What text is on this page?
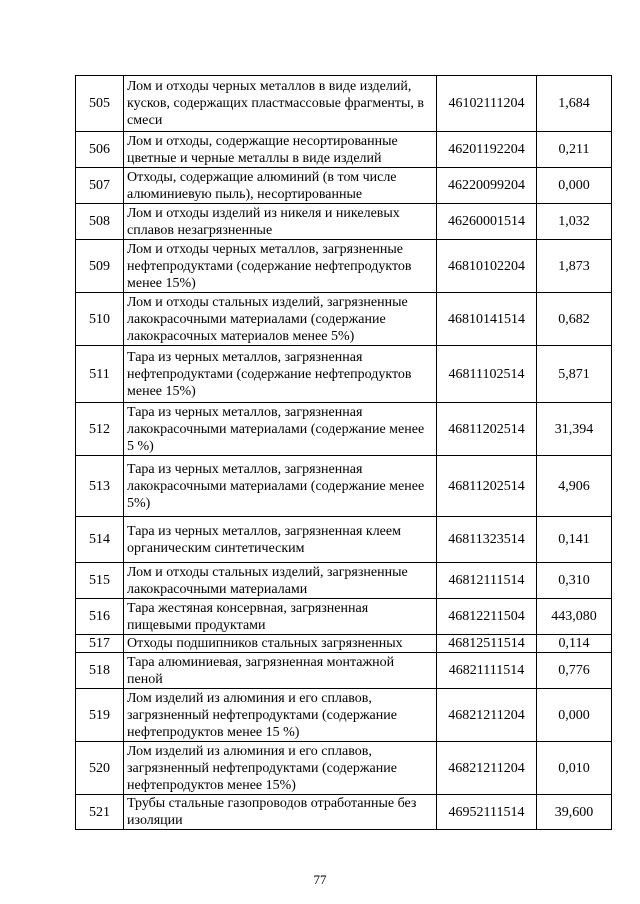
505	Лом и отходы черных металлов в виде изделий, кусков, содержащих пластмассовые фрагменты, в смеси	46102111204	1,684
506	Лом и отходы, содержащие несортированные цветные и черные металлы в виде изделий	46201192204	0,211
507	Отходы, содержащие алюминий (в том числе алюминиевую пыль), несортированные	46220099204	0,000
508	Лом и отходы изделий из никеля и никелевых сплавов незагрязненные	46260001514	1,032
509	Лом и отходы черных металлов, загрязненные нефтепродуктами (содержание нефтепродуктов менее 15%)	46810102204	1,873
510	Лом и отходы стальных изделий, загрязненные лакокрасочными материалами (содержание лакокрасочных материалов менее 5%)	46810141514	0,682
511	Тара из черных металлов, загрязненная нефтепродуктами (содержание нефтепродуктов менее 15%)	46811102514	5,871
512	Тара из черных металлов, загрязненная лакокрасочными материалами (содержание менее 5 %)	46811202514	31,394
513	Тара из черных металлов, загрязненная лакокрасочными материалами (содержание менее 5%)	46811202514	4,906
514	Тара из черных металлов, загрязненная клеем органическим синтетическим	46811323514	0,141
515	Лом и отходы стальных изделий, загрязненные лакокрасочными материалами	46812111514	0,310
516	Тара жестяная консервная, загрязненная пищевыми продуктами	46812211504	443,080
517	Отходы подшипников стальных загрязненных	46812511514	0,114
518	Тара алюминиевая, загрязненная монтажной пеной	46821111514	0,776
519	Лом изделий из алюминия и его сплавов, загрязненный нефтепродуктами (содержание нефтепродуктов менее 15 %)	46821211204	0,000
520	Лом изделий из алюминия и его сплавов, загрязненный нефтепродуктами (содержание нефтепродуктов менее 15%)	46821211204	0,010
521	Трубы стальные газопроводов отработанные без изоляции	46952111514	39,600
77
